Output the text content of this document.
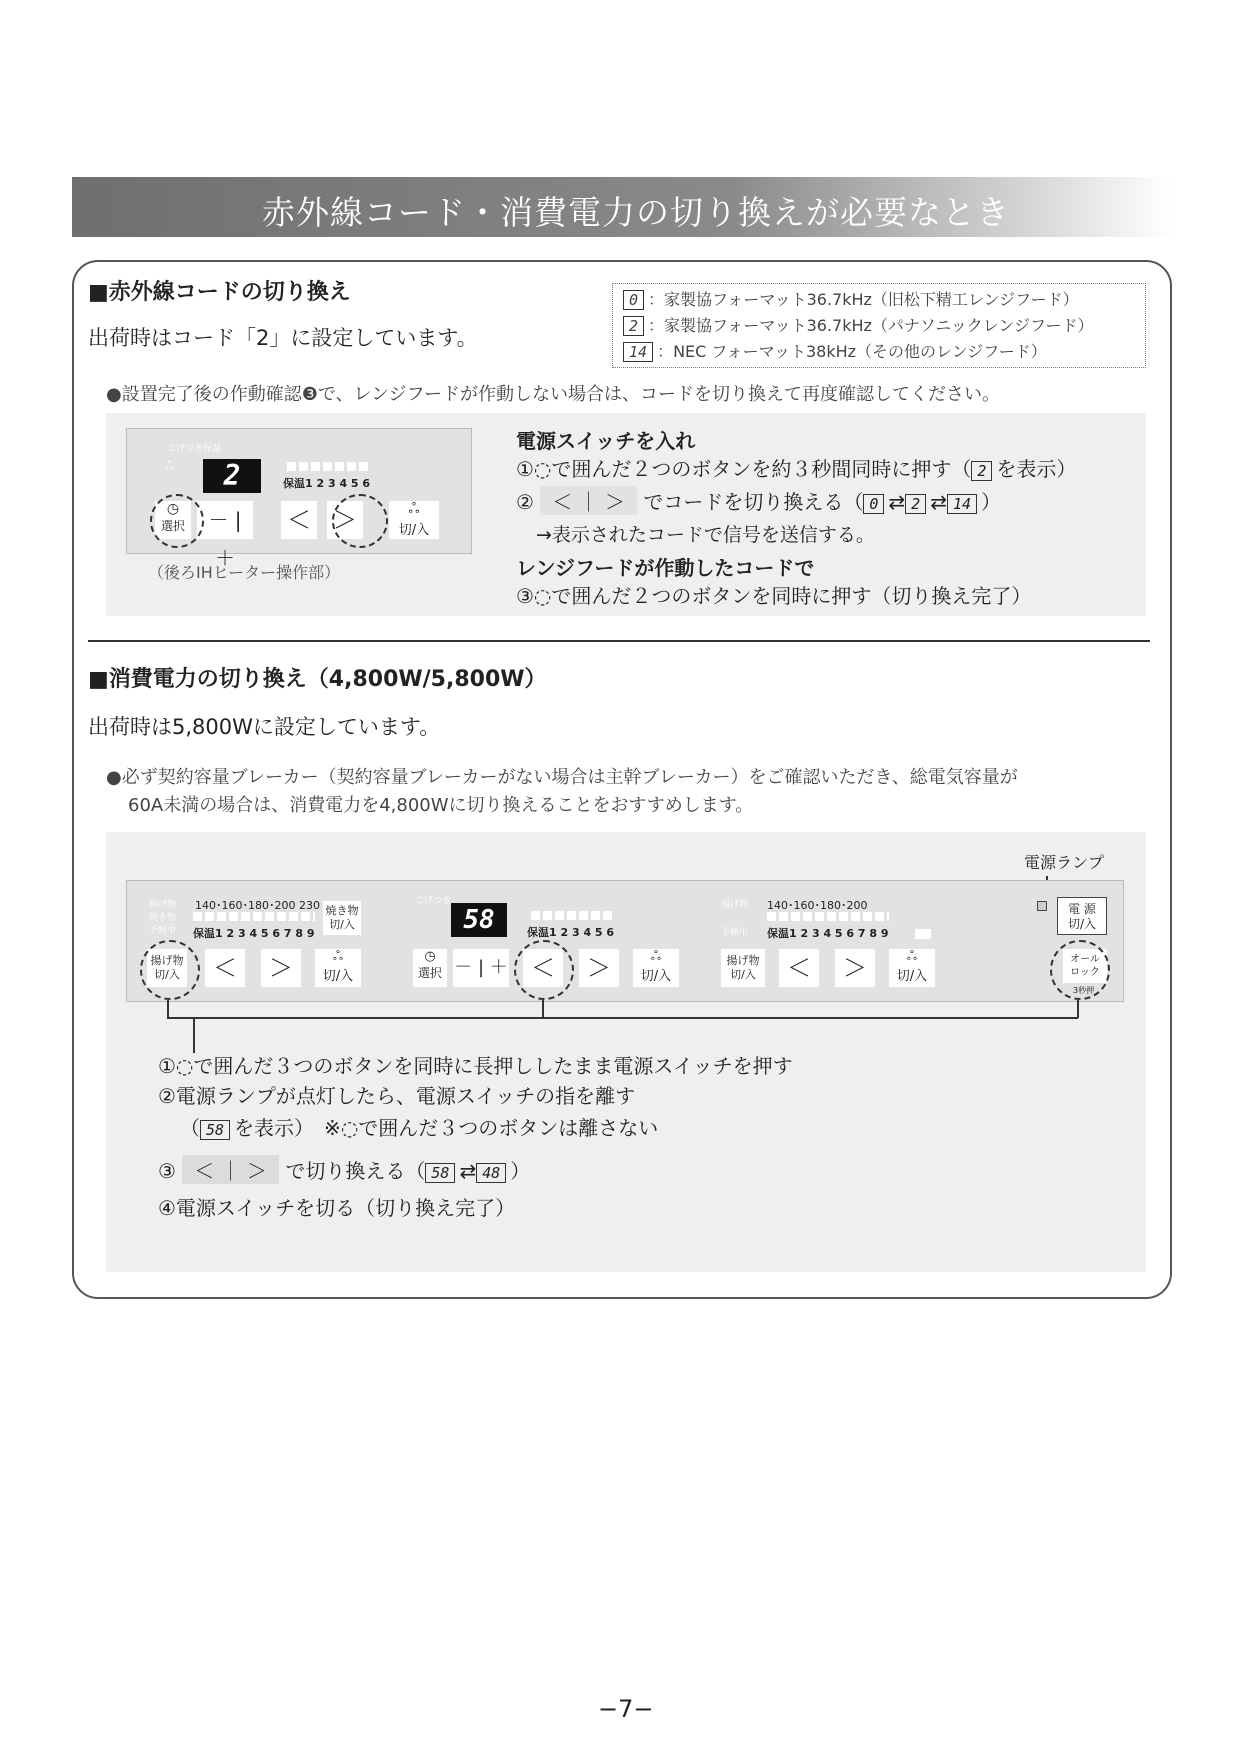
赤外線コード・消費電力の切り換えが必要なとき
■赤外線コードの切り換え
出荷時はコード「2」に設定しています。
0 ：家製協フォーマット36.7kHz（旧松下精工レンジフード）
2 ：家製協フォーマット36.7kHz（パナソニックレンジフード）
14 ：NEC フォーマット38kHz（その他のレンジフード）
●設置完了後の作動確認❸で、レンジフードが作動しない場合は、コードを切り換えて再度確認してください。
こげつき 保温
ஃ	2	保温1 2 3 4 5 6
◷
選択	－ | ＋
＜ ＞	ஃ
切/入
（後ろIHヒーター操作部）
電源スイッチを入れ
①◌で囲んだ２つのボタンを約３秒間同時に押す（ 2 を表示）
② ＜ ｜ ＞ でコードを切り換える（ 0 ⇄ 2 ⇄ 14 ）
→表示されたコードで信号を送信する。
レンジフードが作動したコードで
③◌で囲んだ２つのボタンを同時に押す（切り換え完了）
■消費電力の切り換え（4,800W/5,800W）
出荷時は5,800Wに設定しています。
●必ず契約容量ブレーカー（契約容量ブレーカーがない場合は主幹ブレーカー）をご確認いただき、総電気容量が
60A未満の場合は、消費電力を4,800Wに切り換えることをおすすめします。
電源ランプ
揚げ物
焼き物
予熱中
140･160･180･200 230
保温1 2 3 4 5 6 7 8 9
焼き物
切/入
揚げ物
切/入	＜	＞	ஃ
切/入
こげつき
58	保温1 2 3 4 5 6
◷
選択 － | ＋ ＜	＞	ஃ
切/入
揚げ物
予熱中
140･160･180･200
保温1 2 3 4 5 6 7 8 9
揚げ物
切/入	＜	＞	ஃ
切/入
電 源
切/入
オール
ロック
3秒押
①◌で囲んだ３つのボタンを同時に長押ししたまま電源スイッチを押す
②電源ランプが点灯したら、電源スイッチの指を離す
（ 58 を表示）　※◌で囲んだ３つのボタンは離さない
③ ＜ ｜ ＞ で切り換える（ 58 ⇄ 48 ）
④電源スイッチを切る（切り換え完了）
−7−
